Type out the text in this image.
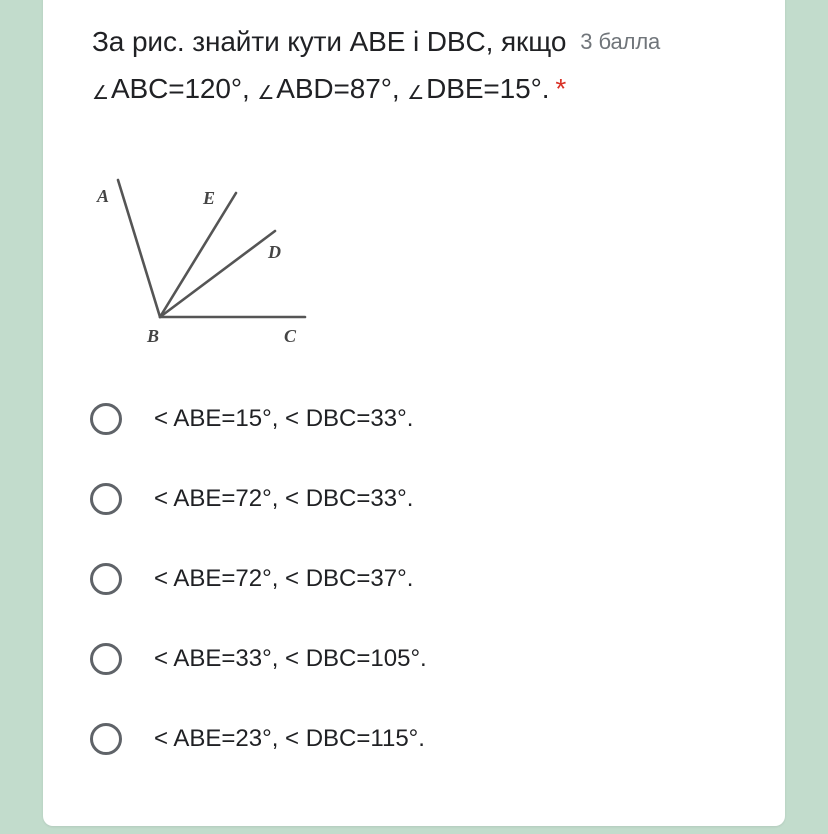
За рис. знайти кути ABE і DBC, якщо 3 балла
∠ABC=120°, ∠ABD=87°, ∠DBE=15°. *
A	E
D
B	C
< ABE=15°, < DBC=33°.
< ABE=72°, < DBC=33°.
< ABE=72°, < DBC=37°.
< ABE=33°, < DBC=105°.
< ABE=23°, < DBC=115°.
